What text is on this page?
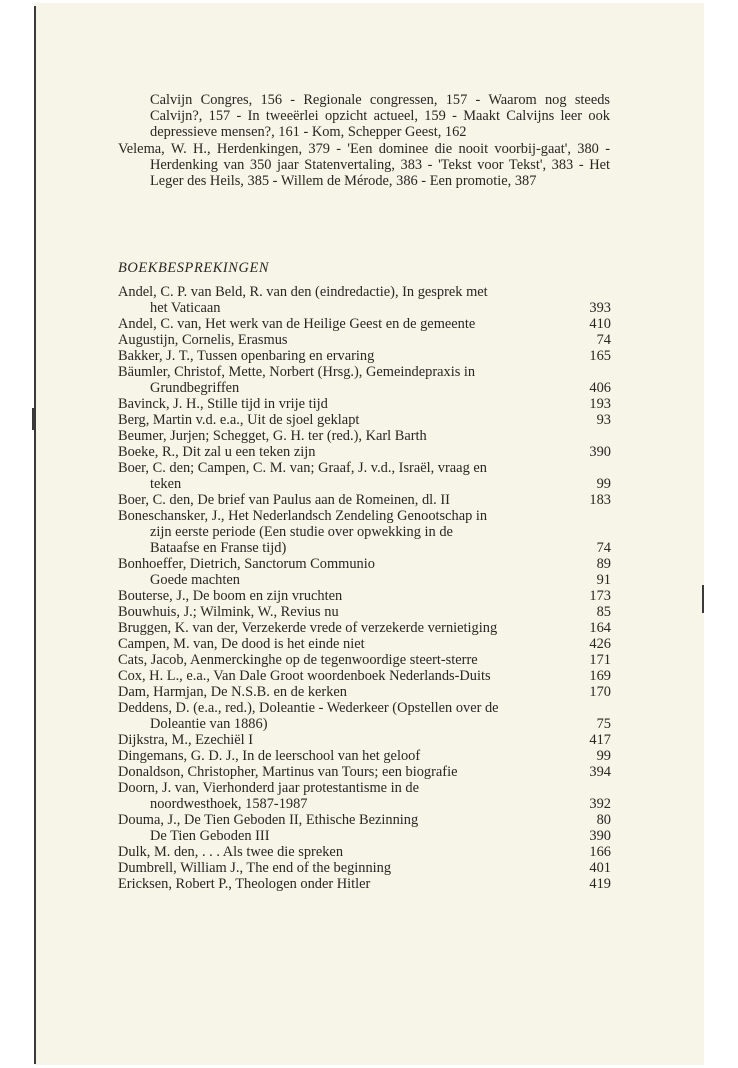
Calvijn Congres, 156 - Regionale congressen, 157 - Waarom nog steeds Calvijn?, 157 - In tweeërlei opzicht actueel, 159 - Maakt Calvijns leer ook depressieve mensen?, 161 - Kom, Schepper Geest, 162

Velema, W. H., Herdenkingen, 379 - 'Een dominee die nooit voorbij-gaat', 380 - Herdenking van 350 jaar Statenvertaling, 383 - 'Tekst voor Tekst', 383 - Het Leger des Heils, 385 - Willem de Mérode, 386 - Een promotie, 387

BOEKBESPREKINGEN
Andel, C. P. van Beld, R. van den (eindredactie), In gesprek met
het Vaticaan	393
Andel, C. van, Het werk van de Heilige Geest en de gemeente	410
Augustijn, Cornelis, Erasmus	74
Bakker, J. T., Tussen openbaring en ervaring	165
Bäumler, Christof, Mette, Norbert (Hrsg.), Gemeindepraxis in
Grundbegriffen	406
Bavinck, J. H., Stille tijd in vrije tijd	193
Berg, Martin v.d. e.a., Uit de sjoel geklapt	93
Beumer, Jurjen; Schegget, G. H. ter (red.), Karl Barth
Boeke, R., Dit zal u een teken zijn	390
Boer, C. den; Campen, C. M. van; Graaf, J. v.d., Israël, vraag en
teken	99
Boer, C. den, De brief van Paulus aan de Romeinen, dl. II	183
Boneschansker, J., Het Nederlandsch Zendeling Genootschap in
zijn eerste periode (Een studie over opwekking in de
Bataafse en Franse tijd)	74
Bonhoeffer, Dietrich, Sanctorum Communio	89
Goede machten	91
Bouterse, J., De boom en zijn vruchten	173
Bouwhuis, J.; Wilmink, W., Revius nu	85
Bruggen, K. van der, Verzekerde vrede of verzekerde vernietiging	164
Campen, M. van, De dood is het einde niet	426
Cats, Jacob, Aenmerckinghe op de tegenwoordige steert-sterre	171
Cox, H. L., e.a., Van Dale Groot woordenboek Nederlands-Duits	169
Dam, Harmjan, De N.S.B. en de kerken	170
Deddens, D. (e.a., red.), Doleantie - Wederkeer (Opstellen over de
Doleantie van 1886)	75
Dijkstra, M., Ezechiël I	417
Dingemans, G. D. J., In de leerschool van het geloof	99
Donaldson, Christopher, Martinus van Tours; een biografie	394
Doorn, J. van, Vierhonderd jaar protestantisme in de
noordwesthoek, 1587-1987	392
Douma, J., De Tien Geboden II, Ethische Bezinning	80
De Tien Geboden III	390
Dulk, M. den, . . . Als twee die spreken	166
Dumbrell, William J., The end of the beginning	401
Ericksen, Robert P., Theologen onder Hitler	419
